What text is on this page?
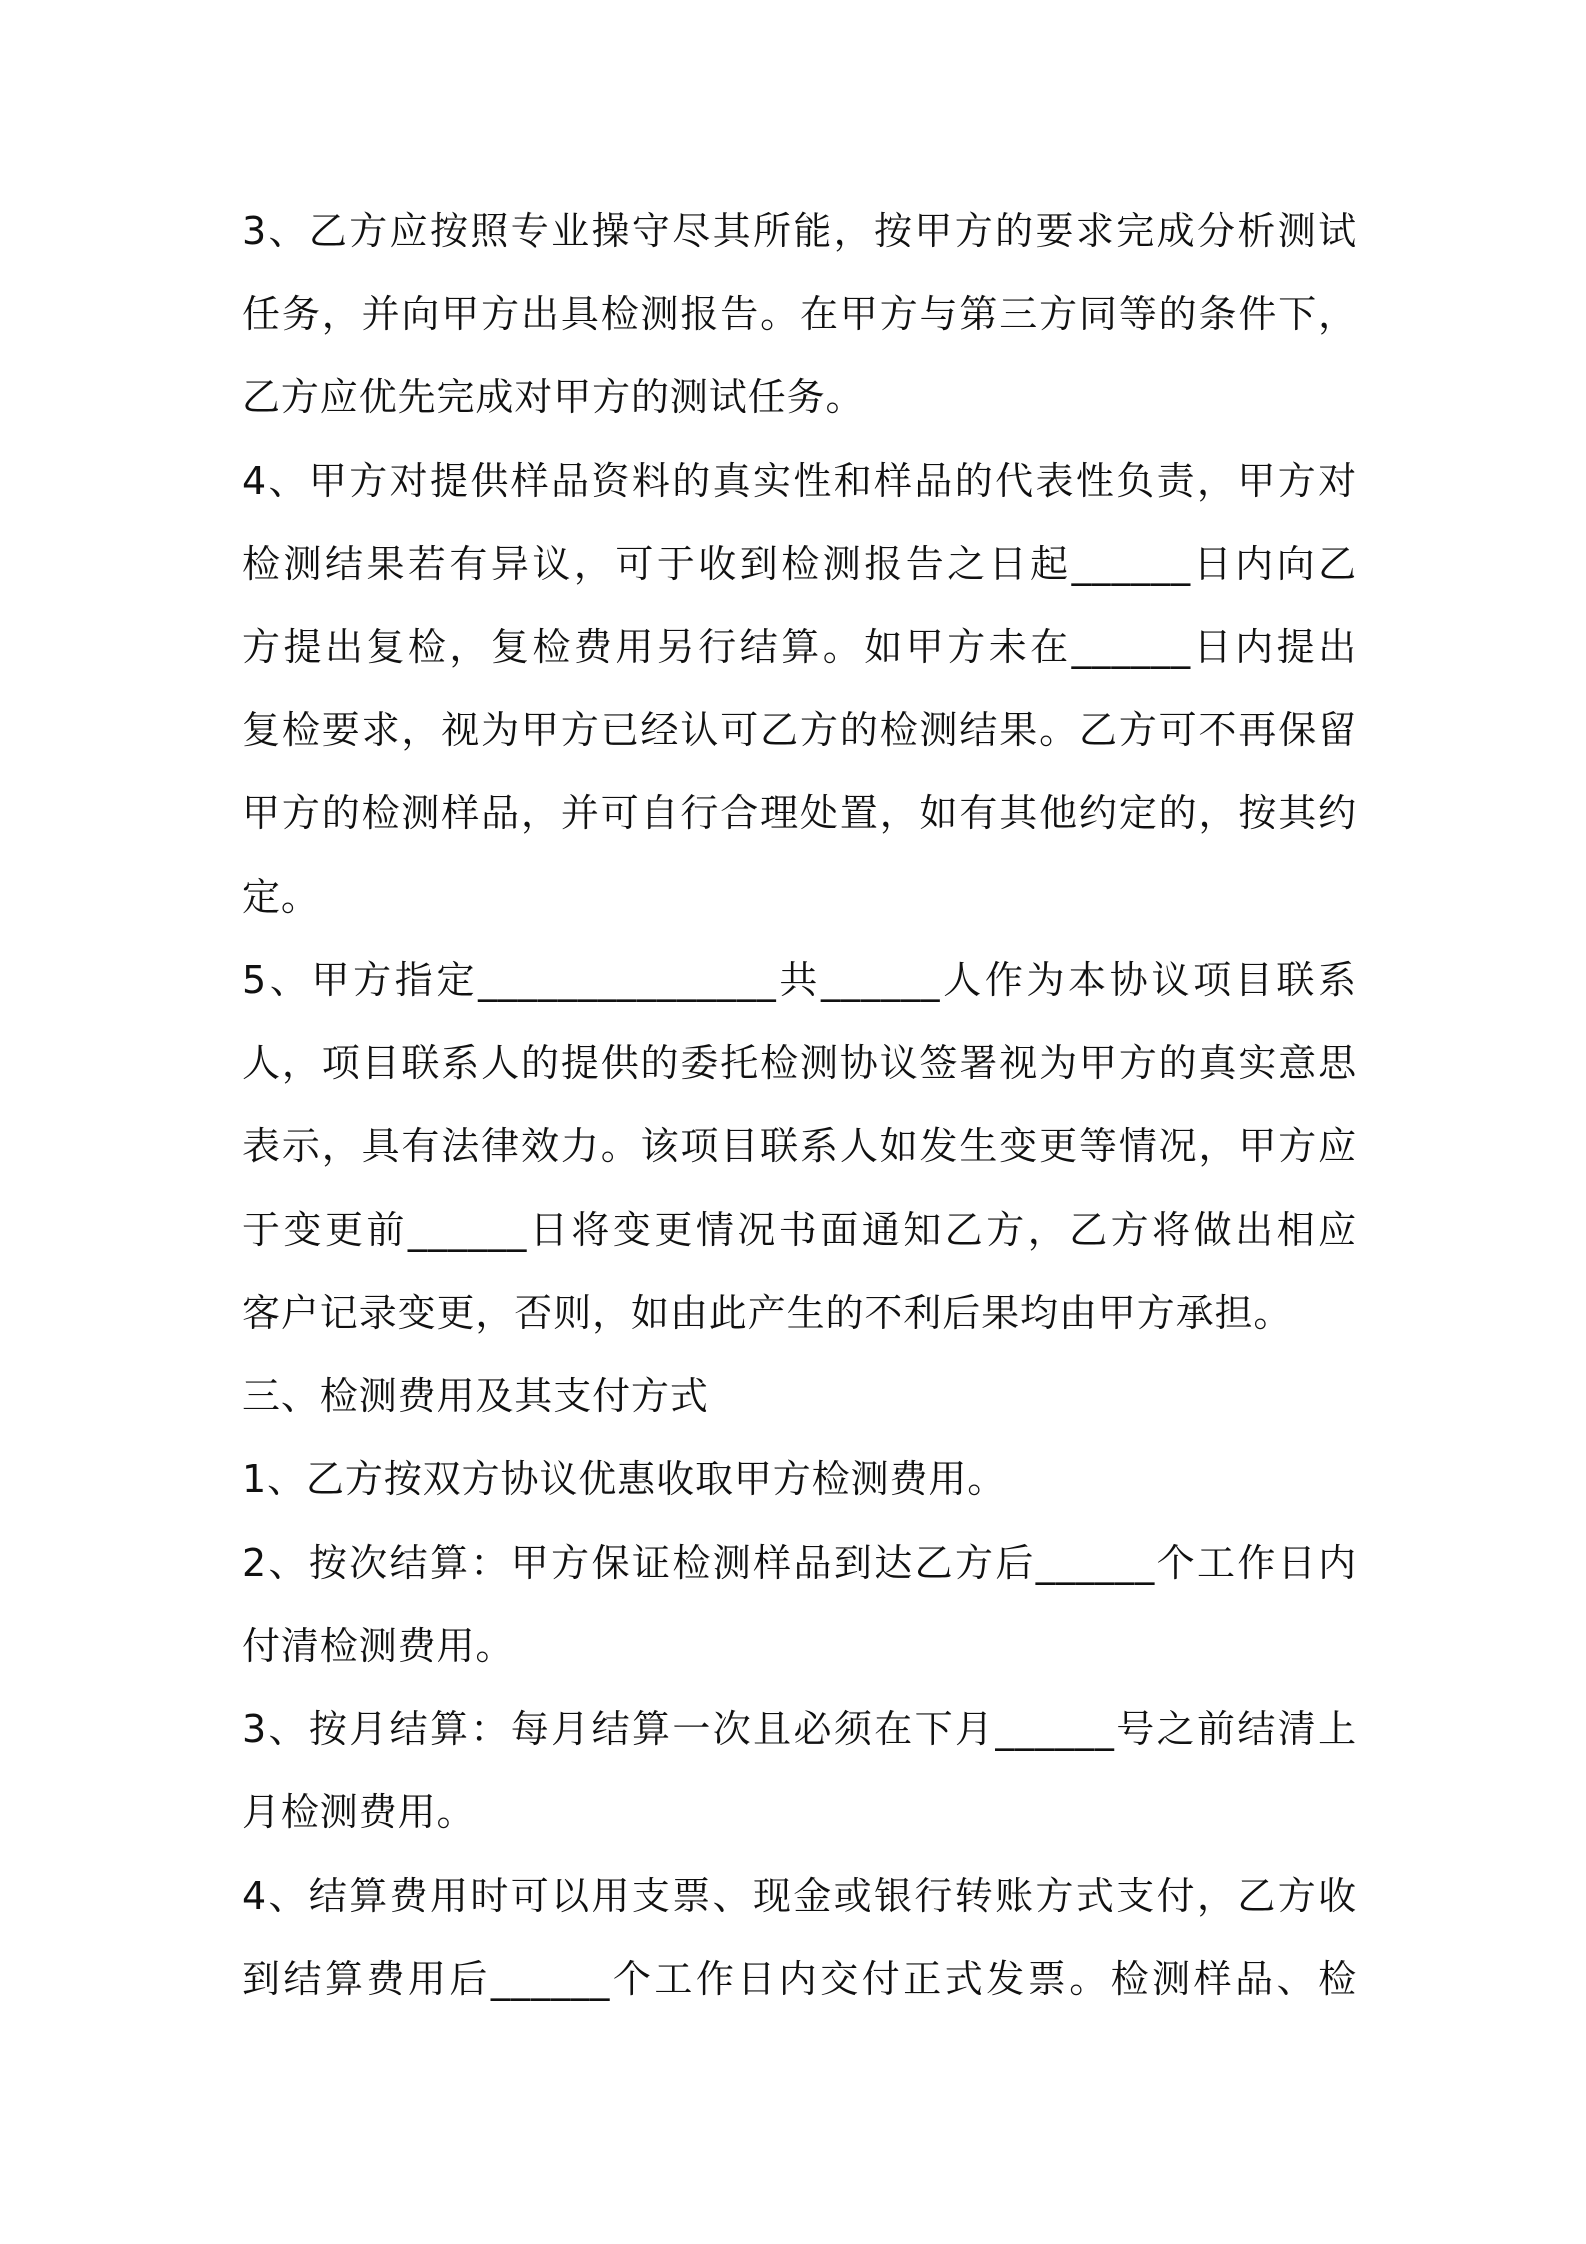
3、乙方应按照专业操守尽其所能，按甲方的要求完成分析测试
任务，并向甲方出具检测报告。在甲方与第三方同等的条件下，
乙方应优先完成对甲方的测试任务。
4、甲方对提供样品资料的真实性和样品的代表性负责，甲方对
检测结果若有异议，可于收到检测报告之日起______日内向乙
方提出复检，复检费用另行结算。如甲方未在______日内提出
复检要求，视为甲方已经认可乙方的检测结果。乙方可不再保留
甲方的检测样品，并可自行合理处置，如有其他约定的，按其约
定。
5、甲方指定_______________共______人作为本协议项目联系
人，项目联系人的提供的委托检测协议签署视为甲方的真实意思
表示，具有法律效力。该项目联系人如发生变更等情况，甲方应
于变更前______日将变更情况书面通知乙方，乙方将做出相应
客户记录变更，否则，如由此产生的不利后果均由甲方承担。
三、检测费用及其支付方式
1、乙方按双方协议优惠收取甲方检测费用。
2、按次结算：甲方保证检测样品到达乙方后______个工作日内
付清检测费用。
3、按月结算：每月结算一次且必须在下月______号之前结清上
月检测费用。
4、结算费用时可以用支票、现金或银行转账方式支付，乙方收
到结算费用后______个工作日内交付正式发票。检测样品、检
